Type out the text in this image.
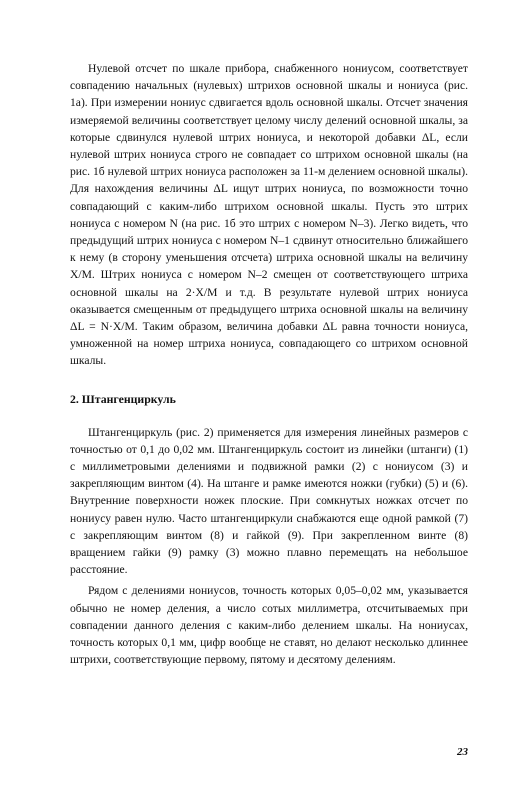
Нулевой отсчет по шкале прибора, снабженного нониусом, соответствует совпадению начальных (нулевых) штрихов основной шкалы и нониуса (рис. 1а). При измерении нониус сдвигается вдоль основной шкалы. Отсчет значения измеряемой величины соответствует целому числу делений основной шкалы, за которые сдвинулся нулевой штрих нониуса, и некоторой добавки ΔL, если нулевой штрих нониуса строго не совпадает со штрихом основной шкалы (на рис. 1б нулевой штрих нониуса расположен за 11-м делением основной шкалы). Для нахождения величины ΔL ищут штрих нониуса, по возможности точно совпадающий с каким-либо штрихом основной шкалы. Пусть это штрих нониуса с номером N (на рис. 1б это штрих с номером N–3). Легко видеть, что предыдущий штрих нониуса с номером N–1 сдвинут относительно ближайшего к нему (в сторону уменьшения отсчета) штриха основной шкалы на величину X/M. Штрих нониуса с номером N–2 смещен от соответствующего штриха основной шкалы на 2·X/M и т.д. В результате нулевой штрих нониуса оказывается смещенным от предыдущего штриха основной шкалы на величину ΔL = N·X/M. Таким образом, величина добавки ΔL равна точности нониуса, умноженной на номер штриха нониуса, совпадающего со штрихом основной шкалы.

2. Штангенциркуль

Штангенциркуль (рис. 2) применяется для измерения линейных размеров с точностью от 0,1 до 0,02 мм. Штангенциркуль состоит из линейки (штанги) (1) с миллиметровыми делениями и подвижной рамки (2) с нониусом (3) и закрепляющим винтом (4). На штанге и рамке имеются ножки (губки) (5) и (6). Внутренние поверхности ножек плоские. При сомкнутых ножках отсчет по нониусу равен нулю. Часто штангенциркули снабжаются еще одной рамкой (7) с закрепляющим винтом (8) и гайкой (9). При закрепленном винте (8) вращением гайки (9) рамку (3) можно плавно перемещать на небольшое расстояние.

Рядом с делениями нониусов, точность которых 0,05–0,02 мм, указывается обычно не номер деления, а число сотых миллиметра, отсчитываемых при совпадении данного деления с каким-либо делением шкалы. На нониусах, точность которых 0,1 мм, цифр вообще не ставят, но делают несколько длиннее штрихи, соответствующие первому, пятому и десятому делениям.

23
